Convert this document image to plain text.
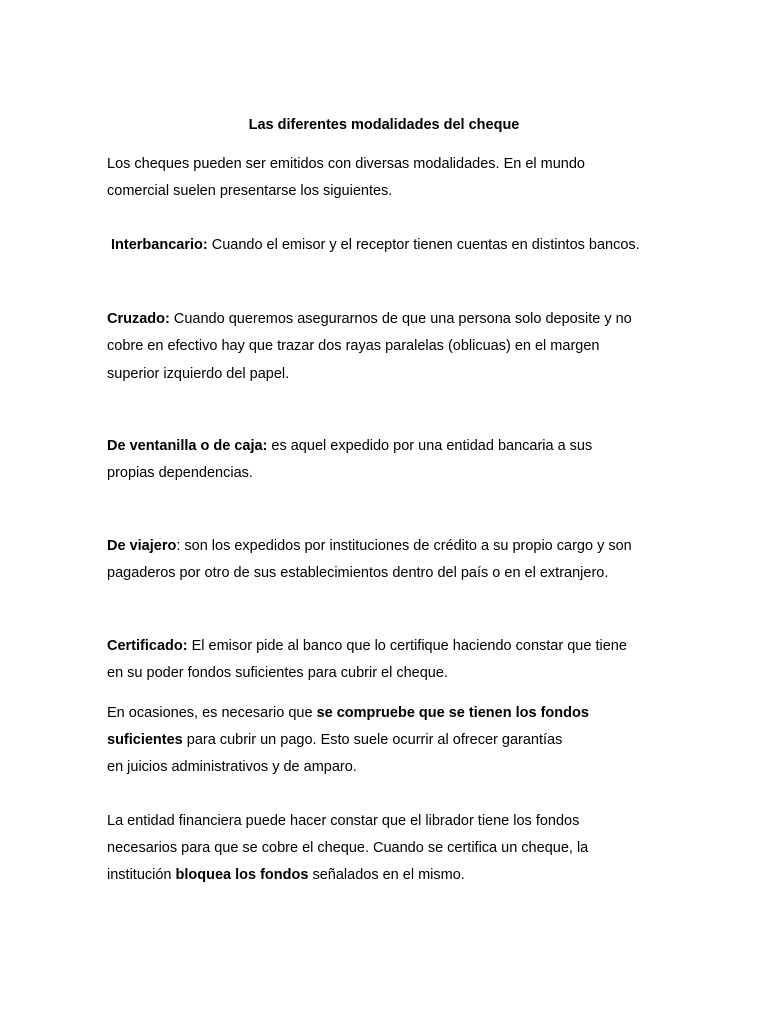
Las diferentes modalidades del cheque

Los cheques pueden ser emitidos con diversas modalidades. En el mundo

comercial suelen presentarse los siguientes.

Interbancario: Cuando el emisor y el receptor tienen cuentas en distintos bancos.

Cruzado: Cuando queremos asegurarnos de que una persona solo deposite y no

cobre en efectivo hay que trazar dos rayas paralelas (oblicuas) en el margen

superior izquierdo del papel.

De ventanilla o de caja: es aquel expedido por una entidad bancaria a sus

propias dependencias.

De viajero: son los expedidos por instituciones de crédito a su propio cargo y son

pagaderos por otro de sus establecimientos dentro del país o en el extranjero.

Certificado: El emisor pide al banco que lo certifique haciendo constar que tiene

en su poder fondos suficientes para cubrir el cheque.

En ocasiones, es necesario que se compruebe que se tienen los fondos

suficientes para cubrir un pago. Esto suele ocurrir al ofrecer garantías

en juicios administrativos y de amparo.

La entidad financiera puede hacer constar que el librador tiene los fondos

necesarios para que se cobre el cheque. Cuando se certifica un cheque, la

institución bloquea los fondos señalados en el mismo.
